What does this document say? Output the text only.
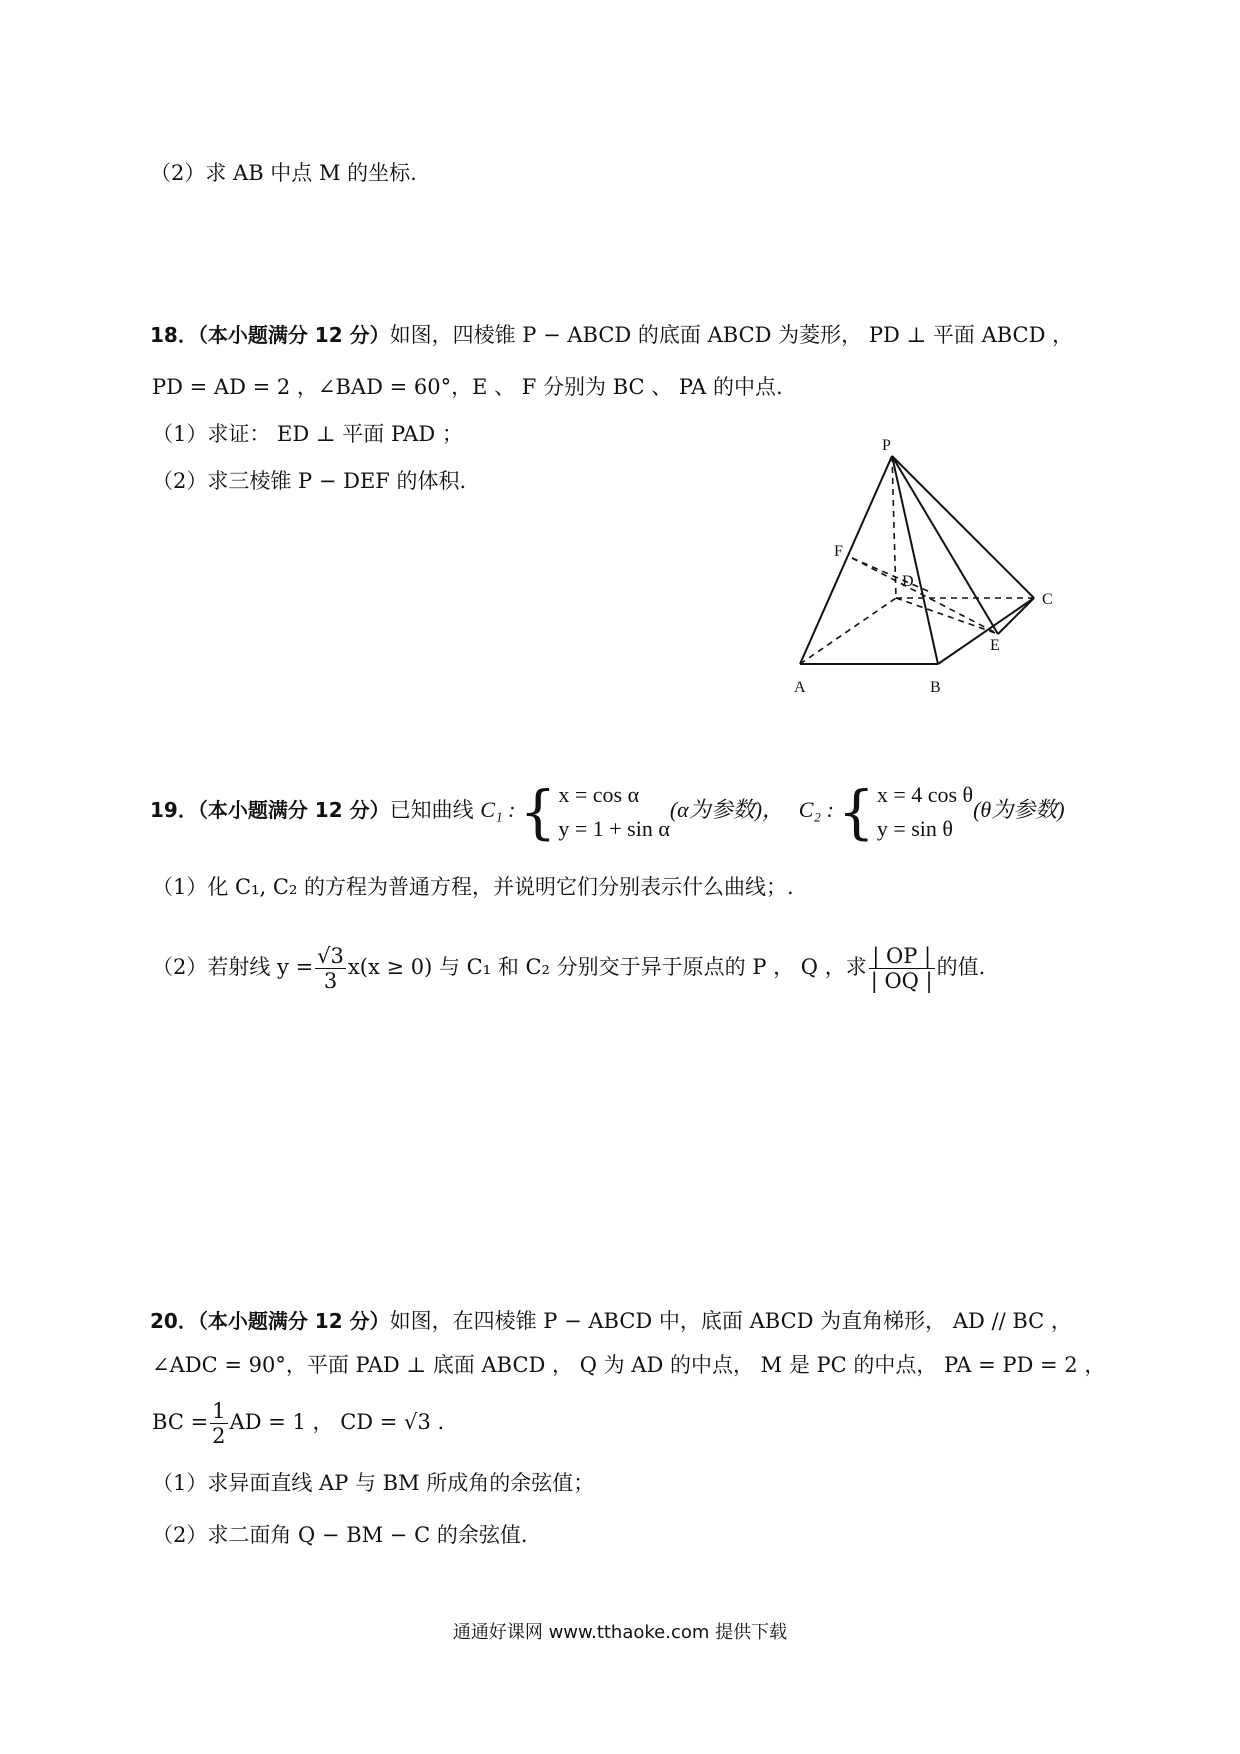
（2）求 AB 中点 M 的坐标.
18．（本小题满分 12 分）如图，四棱锥 P − ABCD 的底面 ABCD 为菱形， PD ⊥ 平面 ABCD ，
PD = AD = 2 ，∠BAD = 60°，E 、 F 分别为 BC 、 PA 的中点.
（1）求证： ED ⊥ 平面 PAD ；
（2）求三棱锥 P − DEF 的体积.
P
F
D
C
E
A	B
19．（本小题满分 12 分）已知曲线 C₁ :{ x = cos α
y = 1 + sin α
(α为参数)， C₂ :{ x = 4 cos θ
y = sin θ
(θ为参数)
（1）化 C₁, C₂ 的方程为普通方程，并说明它们分别表示什么曲线；.
（2）若射线 $y = \frac{√3}{3} x(x \ge 0)$ 与 C₁ 和 C₂ 分别交于异于原点的 P ， Q ，求 $\frac{| OP |}{| OQ |}$ 的值.
20．（本小题满分 12 分）如图，在四棱锥 P − ABCD 中，底面 ABCD 为直角梯形， AD // BC ，
∠ADC = 90°，平面 PAD ⊥ 底面 ABCD ， Q 为 AD 的中点， M 是 PC 的中点， PA = PD = 2 ，
BC = $\frac{1}{2}$ AD = 1 ， CD = √3 .
（1）求异面直线 AP 与 BM 所成角的余弦值；
（2）求二面角 Q − BM − C 的余弦值.
通通好课网 www.tthaoke.com 提供下载
